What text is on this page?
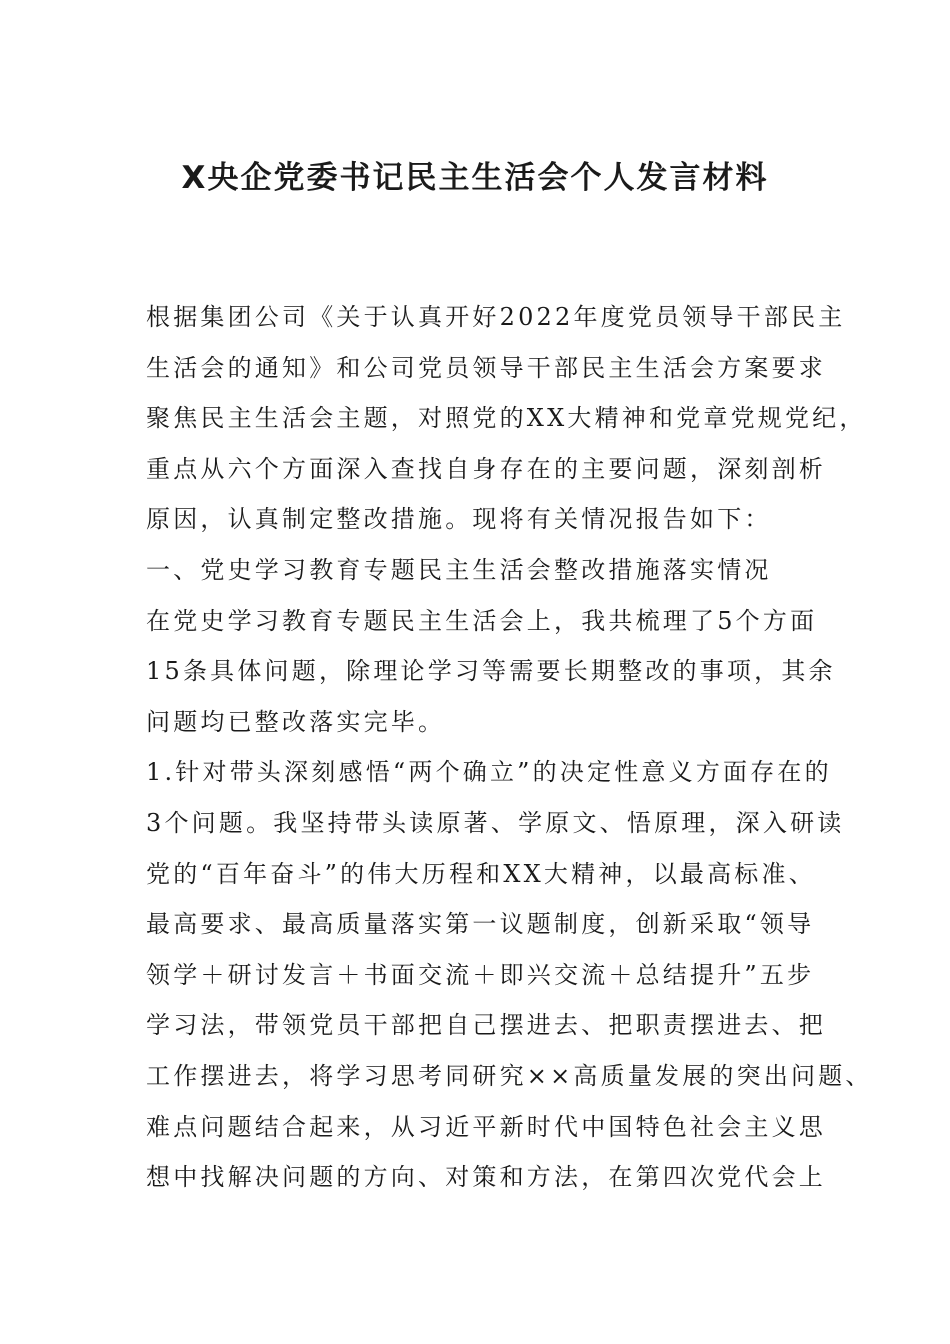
X央企党委书记民主生活会个人发言材料
根据集团公司《关于认真开好2022年度党员领导干部民主
生活会的通知》和公司党员领导干部民主生活会方案要求
聚焦民主生活会主题，对照党的XX大精神和党章党规党纪，
重点从六个方面深入查找自身存在的主要问题，深刻剖析
原因，认真制定整改措施。现将有关情况报告如下：
一、党史学习教育专题民主生活会整改措施落实情况
在党史学习教育专题民主生活会上，我共梳理了5个方面
15条具体问题，除理论学习等需要长期整改的事项，其余
问题均已整改落实完毕。
1.针对带头深刻感悟“两个确立”的决定性意义方面存在的
3个问题。我坚持带头读原著、学原文、悟原理，深入研读
党的“百年奋斗”的伟大历程和XX大精神，以最高标准、
最高要求、最高质量落实第一议题制度，创新采取“领导
领学＋研讨发言＋书面交流＋即兴交流＋总结提升”五步
学习法，带领党员干部把自己摆进去、把职责摆进去、把
工作摆进去，将学习思考同研究××高质量发展的突出问题、
难点问题结合起来，从习近平新时代中国特色社会主义思
想中找解决问题的方向、对策和方法，在第四次党代会上
